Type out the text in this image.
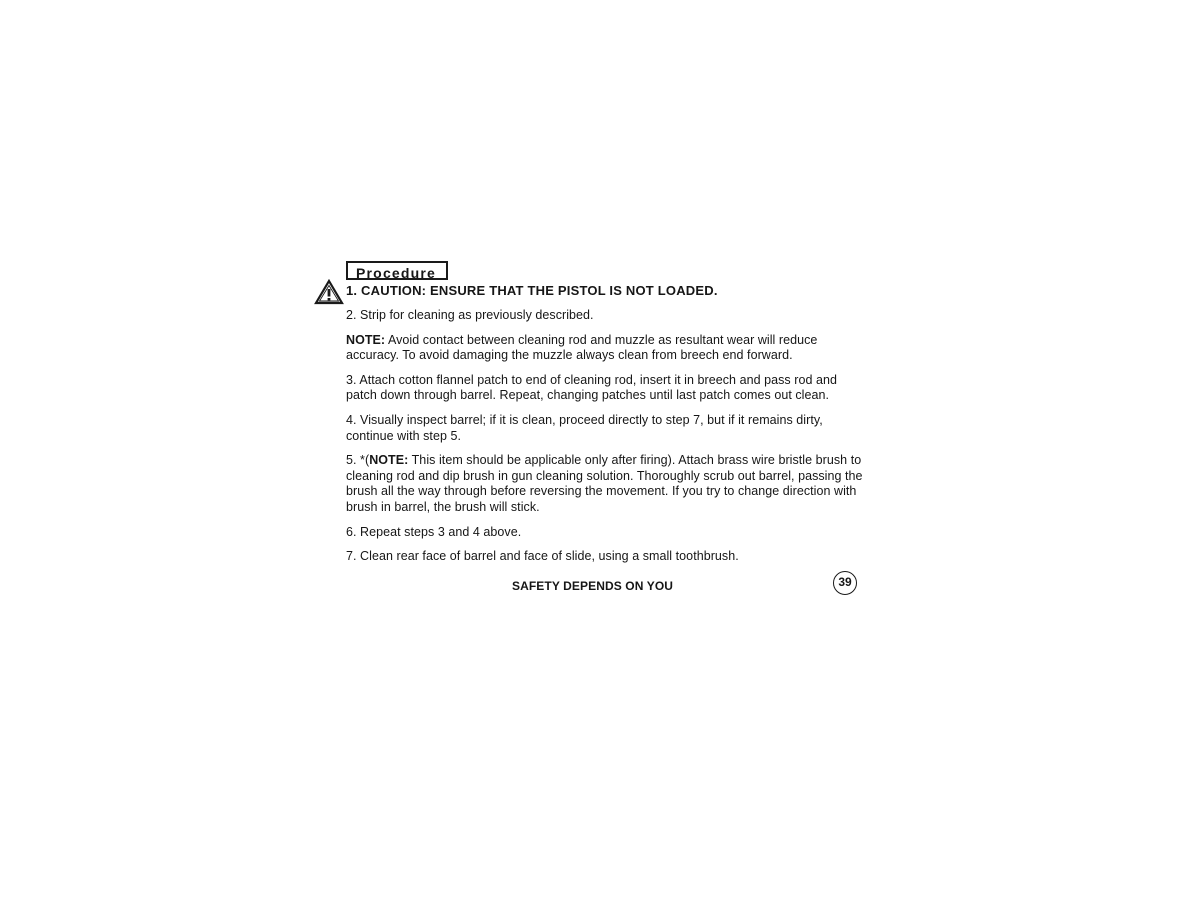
Procedure
1. CAUTION: ENSURE THAT THE PISTOL IS NOT LOADED.

2. Strip for cleaning as previously described.

NOTE: Avoid contact between cleaning rod and muzzle as resultant wear will reduce accuracy. To avoid damaging the muzzle always clean from breech end forward.

3. Attach cotton flannel patch to end of cleaning rod, insert it in breech and pass rod and patch down through barrel. Repeat, changing patches until last patch comes out clean.

4. Visually inspect barrel; if it is clean, proceed directly to step 7, but if it remains dirty, continue with step 5.

5. *(NOTE: This item should be applicable only after firing). Attach brass wire bristle brush to cleaning rod and dip brush in gun cleaning solution. Thoroughly scrub out barrel, passing the brush all the way through before reversing the movement. If you try to change direction with brush in barrel, the brush will stick.

6. Repeat steps 3 and 4 above.

7. Clean rear face of barrel and face of slide, using a small toothbrush.

SAFETY DEPENDS ON YOU	39
